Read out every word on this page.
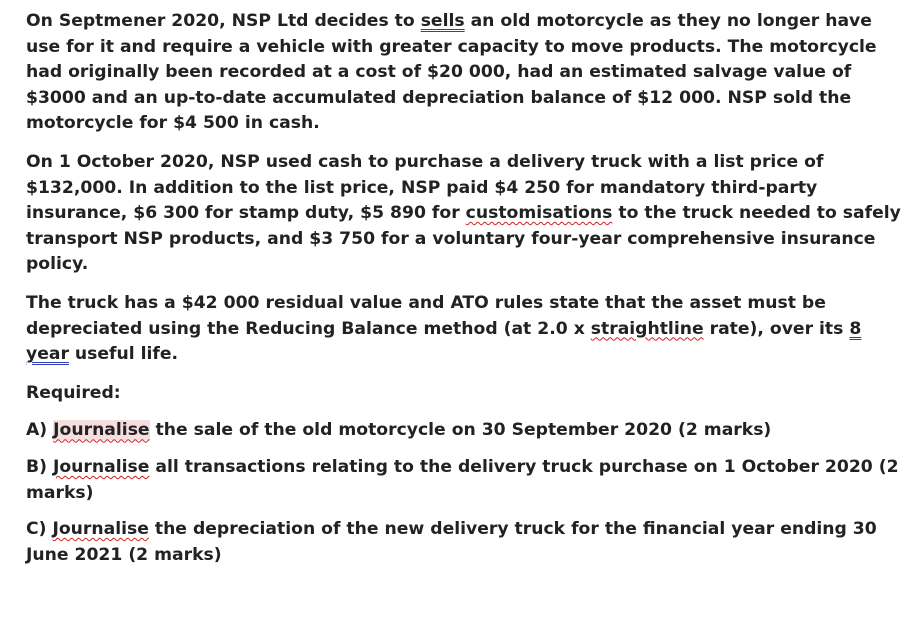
On Septmener 2020, NSP Ltd decides to sells an old motorcycle as they no longer have use for it and require a vehicle with greater capacity to move products. The motorcycle had originally been recorded at a cost of $20 000, had an estimated salvage value of $3000 and an up-to-date accumulated depreciation balance of $12 000. NSP sold the motorcycle for $4 500 in cash.

On 1 October 2020, NSP used cash to purchase a delivery truck with a list price of $132,000. In addition to the list price, NSP paid $4 250 for mandatory third-party insurance, $6 300 for stamp duty, $5 890 for customisations to the truck needed to safely transport NSP products, and $3 750 for a voluntary four-year comprehensive insurance policy.

The truck has a $42 000 residual value and ATO rules state that the asset must be depreciated using the Reducing Balance method (at 2.0 x straightline rate), over its 8 year useful life.

Required:

A) Journalise the sale of the old motorcycle on 30 September 2020 (2 marks)

B) Journalise all transactions relating to the delivery truck purchase on 1 October 2020 (2 marks)

C) Journalise the depreciation of the new delivery truck for the financial year ending 30 June 2021 (2 marks)
